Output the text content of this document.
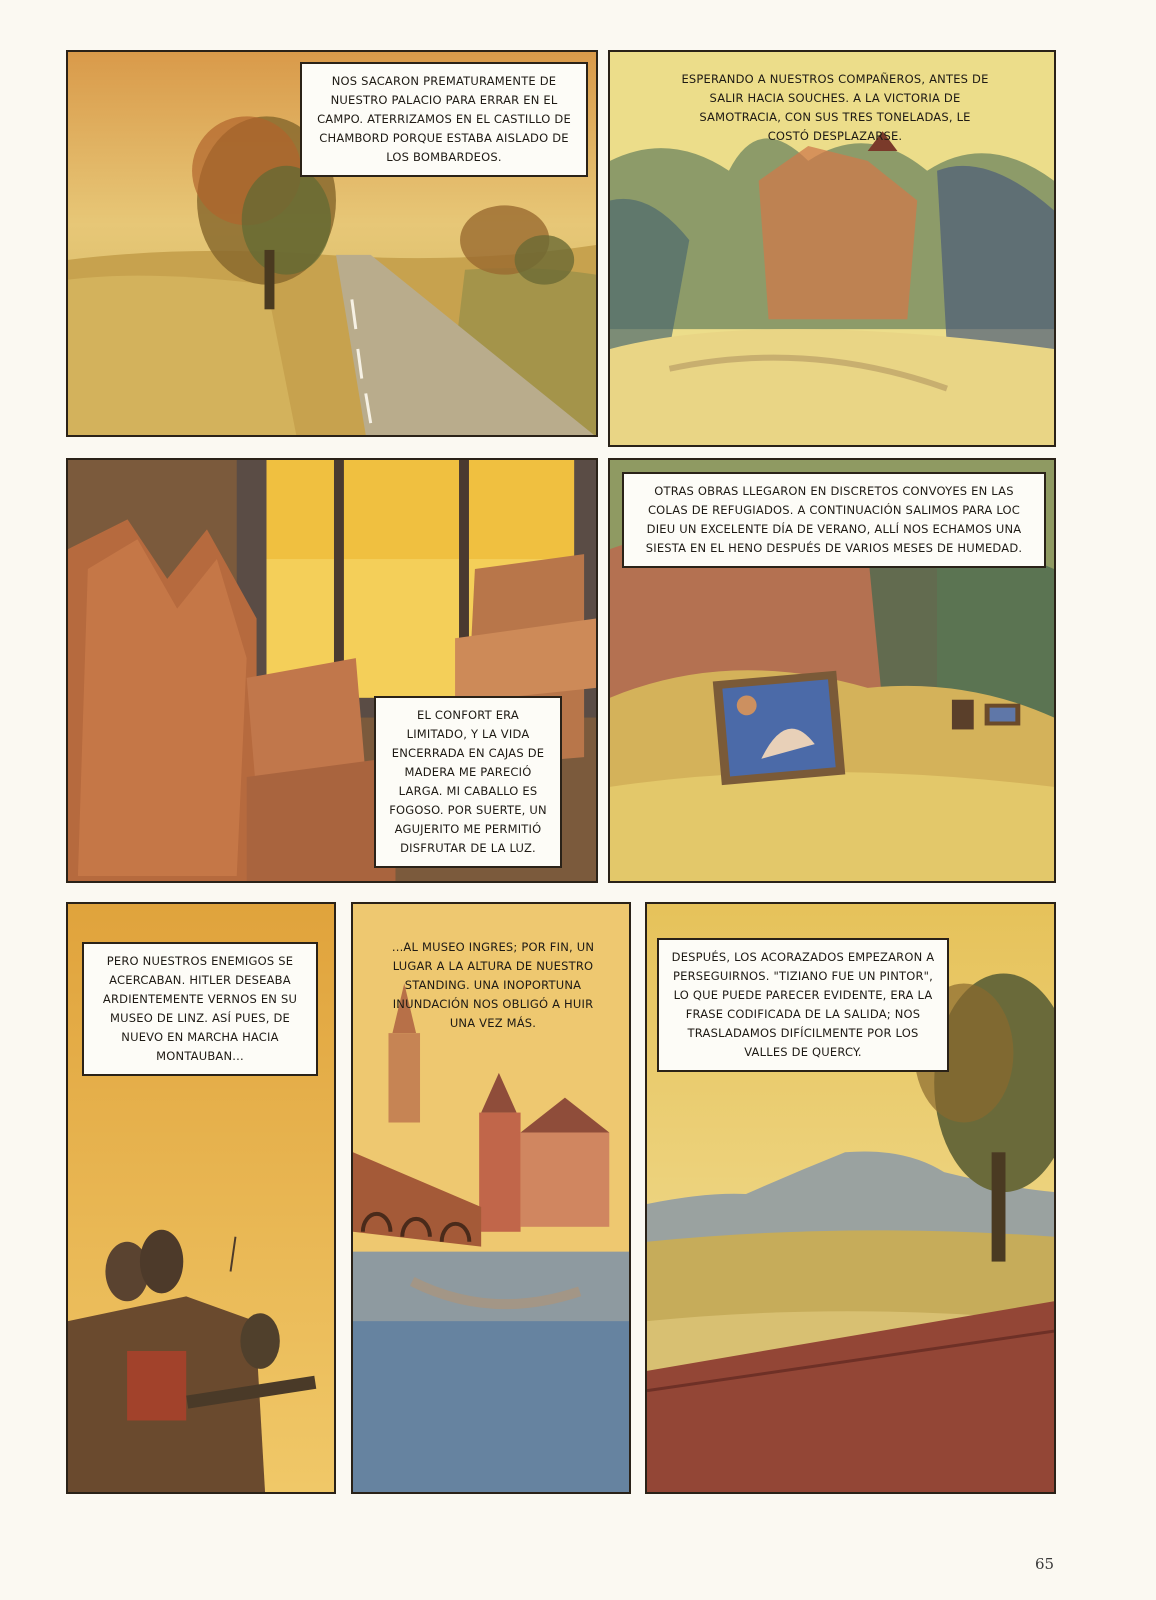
NOS SACARON PREMATURAMENTE DE NUESTRO PALACIO PARA ERRAR EN EL CAMPO. ATERRIZAMOS EN EL CASTILLO DE CHAMBORD PORQUE ESTABA AISLADO DE LOS BOMBARDEOS.
ESPERANDO A NUESTROS COMPAÑEROS, ANTES DE SALIR HACIA SOUCHES. A LA VICTORIA DE SAMOTRACIA, CON SUS TRES TONELADAS, LE COSTÓ DESPLAZARSE.
EL CONFORT ERA LIMITADO, Y LA VIDA ENCERRADA EN CAJAS DE MADERA ME PARECIÓ LARGA. MI CABALLO ES FOGOSO. POR SUERTE, UN AGUJERITO ME PERMITIÓ DISFRUTAR DE LA LUZ.
OTRAS OBRAS LLEGARON EN DISCRETOS CONVOYES EN LAS COLAS DE REFUGIADOS. A CONTINUACIÓN SALIMOS PARA LOC DIEU UN EXCELENTE DÍA DE VERANO, ALLÍ NOS ECHAMOS UNA SIESTA EN EL HENO DESPUÉS DE VARIOS MESES DE HUMEDAD.
PERO NUESTROS ENEMIGOS SE ACERCABAN. HITLER DESEABA ARDIENTEMENTE VERNOS EN SU MUSEO DE LINZ. ASÍ PUES, DE NUEVO EN MARCHA HACIA MONTAUBAN...
...AL MUSEO INGRES; POR FIN, UN LUGAR A LA ALTURA DE NUESTRO STANDING. UNA INOPORTUNA INUNDACIÓN NOS OBLIGÓ A HUIR UNA VEZ MÁS.
DESPUÉS, LOS ACORAZADOS EMPEZARON A PERSEGUIRNOS. "TIZIANO FUE UN PINTOR", LO QUE PUEDE PARECER EVIDENTE, ERA LA FRASE CODIFICADA DE LA SALIDA; NOS TRASLADAMOS DIFÍCILMENTE POR LOS VALLES DE QUERCY.
65
